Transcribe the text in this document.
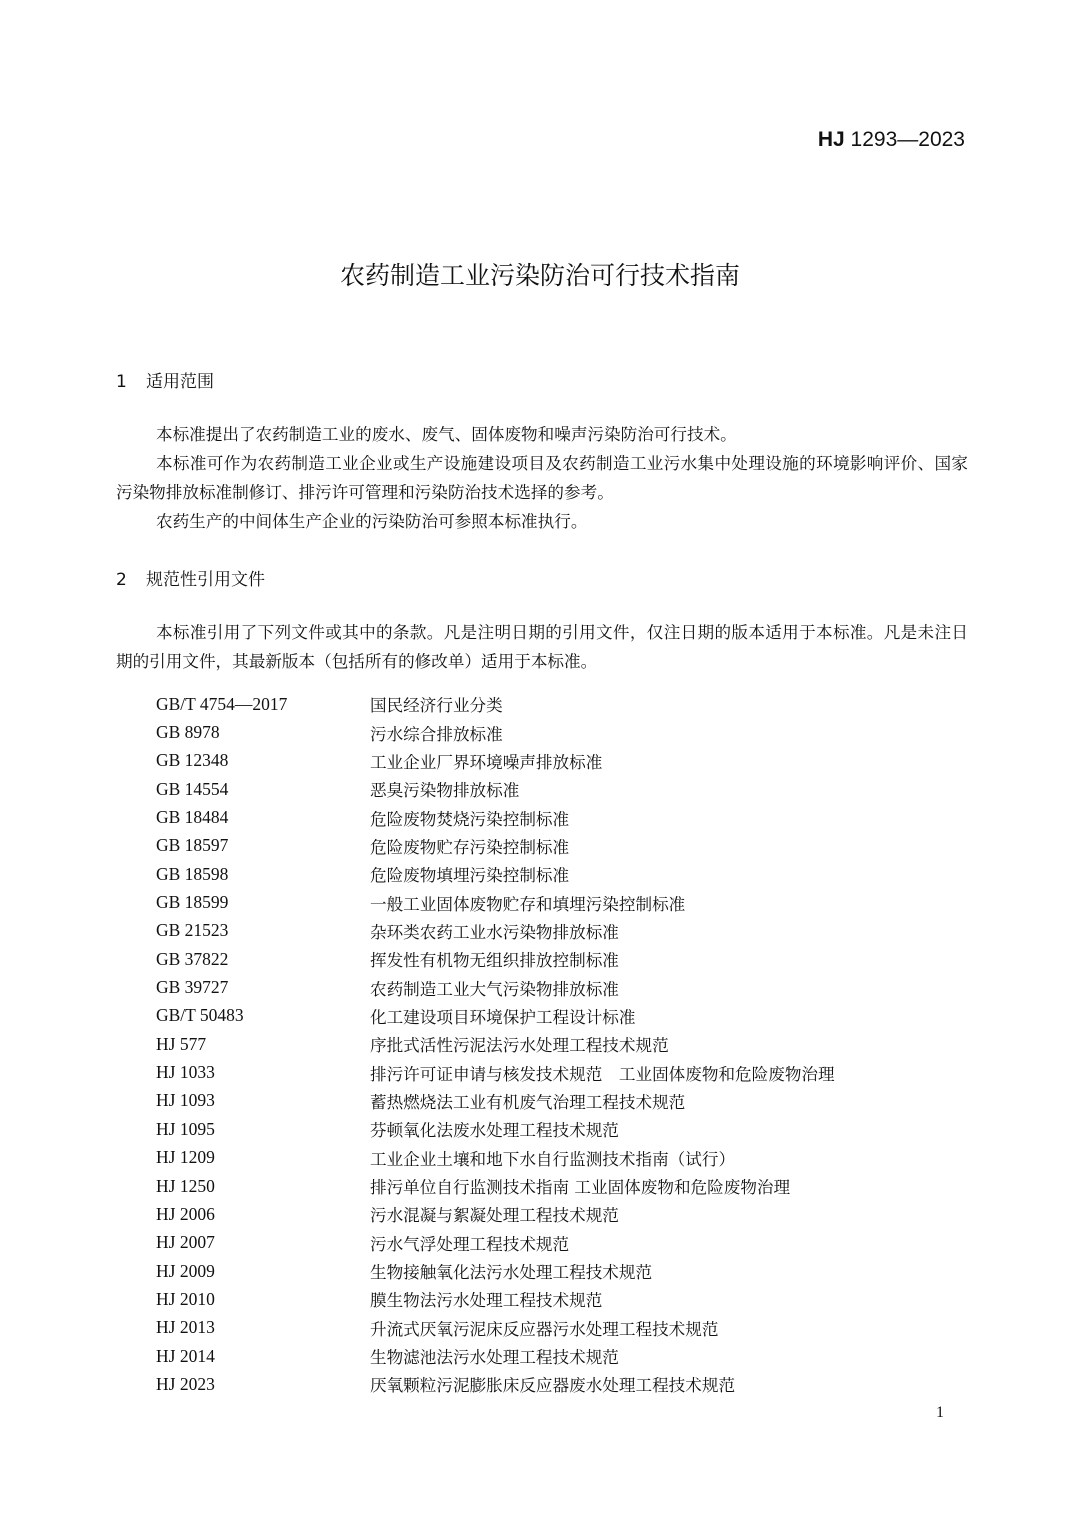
HJ 1293—2023
农药制造工业污染防治可行技术指南
1 适用范围

本标准提出了农药制造工业的废水、废气、固体废物和噪声污染防治可行技术。

本标准可作为农药制造工业企业或生产设施建设项目及农药制造工业污水集中处理设施的环境影响评价、国家污染物排放标准制修订、排污许可管理和污染防治技术选择的参考。

农药生产的中间体生产企业的污染防治可参照本标准执行。

2 规范性引用文件

本标准引用了下列文件或其中的条款。凡是注明日期的引用文件，仅注日期的版本适用于本标准。凡是未注日期的引用文件，其最新版本（包括所有的修改单）适用于本标准。

GB/T 4754—2017	国民经济行业分类
GB 8978	污水综合排放标准
GB 12348	工业企业厂界环境噪声排放标准
GB 14554	恶臭污染物排放标准
GB 18484	危险废物焚烧污染控制标准
GB 18597	危险废物贮存污染控制标准
GB 18598	危险废物填埋污染控制标准
GB 18599	一般工业固体废物贮存和填埋污染控制标准
GB 21523	杂环类农药工业水污染物排放标准
GB 37822	挥发性有机物无组织排放控制标准
GB 39727	农药制造工业大气污染物排放标准
GB/T 50483	化工建设项目环境保护工程设计标准
HJ 577	序批式活性污泥法污水处理工程技术规范
HJ 1033	排污许可证申请与核发技术规范　工业固体废物和危险废物治理
HJ 1093	蓄热燃烧法工业有机废气治理工程技术规范
HJ 1095	芬顿氧化法废水处理工程技术规范
HJ 1209	工业企业土壤和地下水自行监测技术指南（试行）
HJ 1250	排污单位自行监测技术指南 工业固体废物和危险废物治理
HJ 2006	污水混凝与絮凝处理工程技术规范
HJ 2007	污水气浮处理工程技术规范
HJ 2009	生物接触氧化法污水处理工程技术规范
HJ 2010	膜生物法污水处理工程技术规范
HJ 2013	升流式厌氧污泥床反应器污水处理工程技术规范
HJ 2014	生物滤池法污水处理工程技术规范
HJ 2023	厌氧颗粒污泥膨胀床反应器废水处理工程技术规范
1
